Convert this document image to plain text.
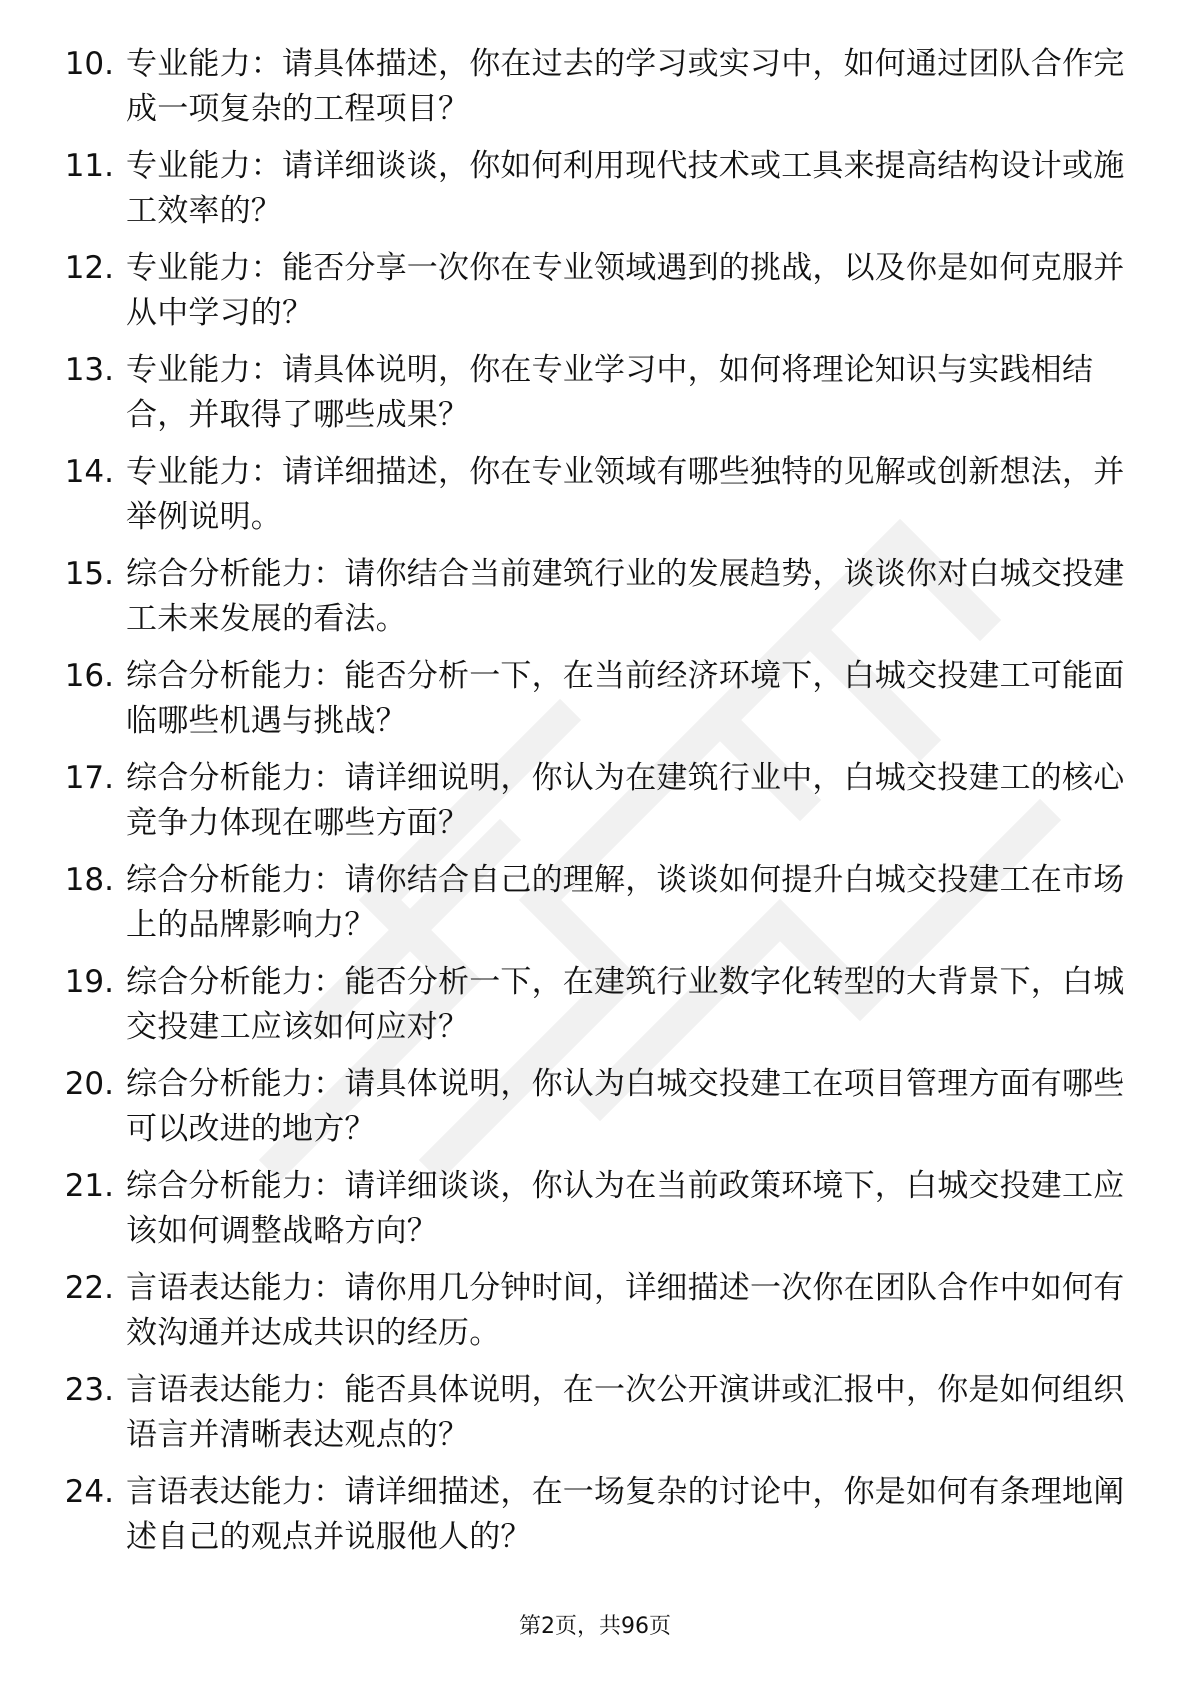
10. 专业能力：请具体描述，你在过去的学习或实习中，如何通过团队合作完成一项复杂的工程项目？
11. 专业能力：请详细谈谈，你如何利用现代技术或工具来提高结构设计或施工效率的？
12. 专业能力：能否分享一次你在专业领域遇到的挑战，以及你是如何克服并从中学习的？
13. 专业能力：请具体说明，你在专业学习中，如何将理论知识与实践相结合，并取得了哪些成果？
14. 专业能力：请详细描述，你在专业领域有哪些独特的见解或创新想法，并举例说明。
15. 综合分析能力：请你结合当前建筑行业的发展趋势，谈谈你对白城交投建工未来发展的看法。
16. 综合分析能力：能否分析一下，在当前经济环境下，白城交投建工可能面临哪些机遇与挑战？
17. 综合分析能力：请详细说明，你认为在建筑行业中，白城交投建工的核心竞争力体现在哪些方面？
18. 综合分析能力：请你结合自己的理解，谈谈如何提升白城交投建工在市场上的品牌影响力？
19. 综合分析能力：能否分析一下，在建筑行业数字化转型的大背景下，白城交投建工应该如何应对？
20. 综合分析能力：请具体说明，你认为白城交投建工在项目管理方面有哪些可以改进的地方？
21. 综合分析能力：请详细谈谈，你认为在当前政策环境下，白城交投建工应该如何调整战略方向？
22. 言语表达能力：请你用几分钟时间，详细描述一次你在团队合作中如何有效沟通并达成共识的经历。
23. 言语表达能力：能否具体说明，在一次公开演讲或汇报中，你是如何组织语言并清晰表达观点的？
24. 言语表达能力：请详细描述，在一场复杂的讨论中，你是如何有条理地阐述自己的观点并说服他人的？
第2页，共96页
